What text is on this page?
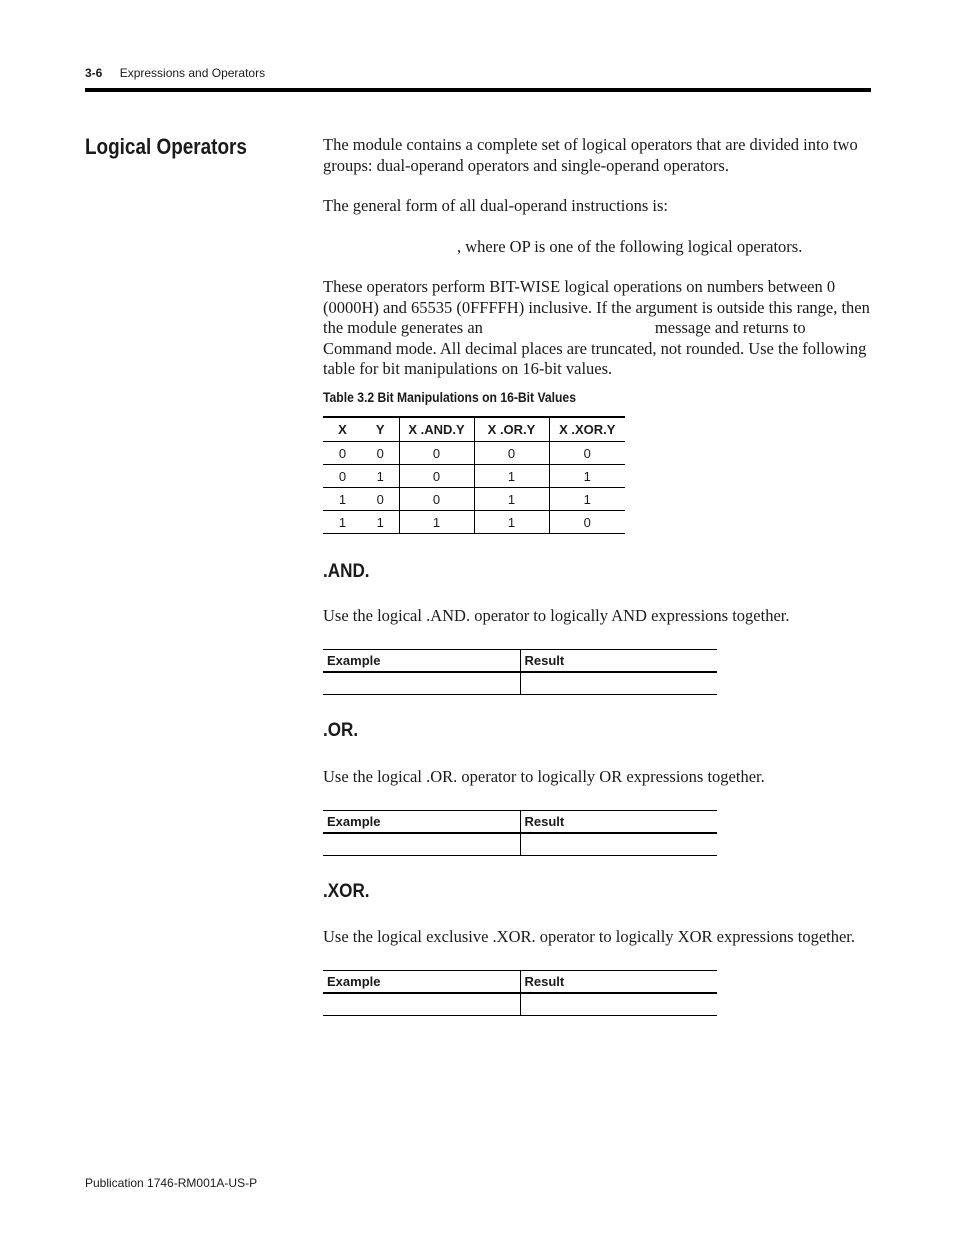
3-6 Expressions and Operators
Logical Operators	The module contains a complete set of logical operators that are divided into two groups: dual-operand operators and single-operand operators.

The general form of all dual-operand instructions is:

, where OP is one of the following logical operators.

These operators perform BIT-WISE logical operations on numbers between 0 (0000H) and 65535 (0FFFFH) inclusive. If the argument is outside this range, then the module generates an	message and returns to Command mode. All decimal places are truncated, not rounded. Use the following table for bit manipulations on 16-bit values.

Table 3.2 Bit Manipulations on 16-Bit Values
X	Y	X .AND.Y	X .OR.Y	X .XOR.Y
0	0	0	0	0
0	1	0	1	1
1	0	0	1	1
1	1	1	1	0
.AND.

Use the logical .AND. operator to logically AND expressions together.

Example	Result

.OR.

Use the logical .OR. operator to logically OR expressions together.

Example	Result

.XOR.

Use the logical exclusive .XOR. operator to logically XOR expressions together.

Example	Result

Publication 1746-RM001A-US-P
